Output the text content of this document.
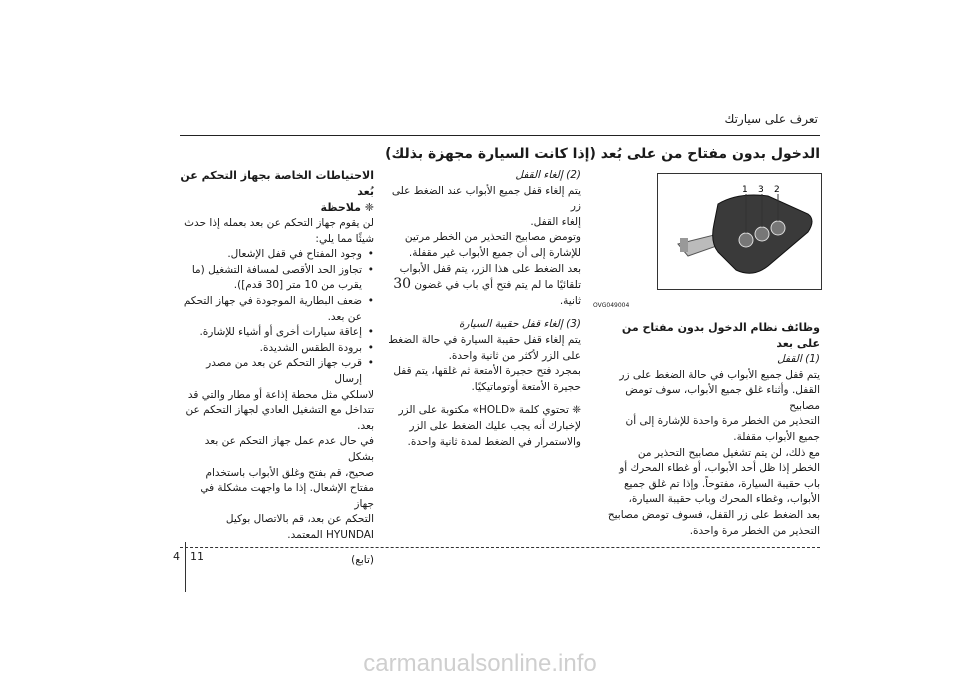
تعرف على سيارتك
الدخول بدون مفتاح من على بُعد (إذا كانت السيارة مجهزة بذلك)
1 3 2
OVG049004

وظائف نظام الدخول بدون مفتاح من

على بعد

(1) القفل

يتم قفل جميع الأبواب في حالة الضغط على زر

القفل. وأثناء غلق جميع الأبواب، سوف تومض مصابيح

التحذير من الخطر مرة واحدة للإشارة إلى أن

جميع الأبواب مقفلة.

مع ذلك، لن يتم تشغيل مصابيح التحذير من

الخطر إذا ظل أحد الأبواب، أو غطاء المحرك أو

باب حقيبة السيارة، مفتوحاً. وإذا تم غلق جميع

الأبواب، وغطاء المحرك وباب حقيبة السيارة،

بعد الضغط على زر القفل، فسوف تومض مصابيح

التحذير من الخطر مرة واحدة.

(2) إلغاء القفل

يتم إلغاء قفل جميع الأبواب عند الضغط على زر

إلغاء القفل.

وتومض مصابيح التحذير من الخطر مرتين

للإشارة إلى أن جميع الأبواب غير مقفلة.

بعد الضغط على هذا الزر، يتم قفل الأبواب

تلقائيًا ما لم يتم فتح أي باب في غضون 30

ثانية.

(3) إلغاء قفل حقيبة السيارة

يتم إلغاء قفل حقيبة السيارة في حالة الضغط

على الزر لأكثر من ثانية واحدة.

بمجرد فتح حجيرة الأمتعة ثم غلقها، يتم قفل

حجيرة الأمتعة أوتوماتيكيًا.

❈ تحتوي كلمة «HOLD» مكتوبة على الزر

لإخبارك أنه يجب عليك الضغط على الزر

والاستمرار في الضغط لمدة ثانية واحدة.

الاحتياطات الخاصة بجهاز التحكم عن بُعد

❈ ملاحظة

لن يقوم جهاز التحكم عن بعد بعمله إذا حدث

شيئًا مما يلي:

• وجود المفتاح في قفل الإشعال.

• تجاوز الحد الأقصى لمسافة التشغيل (ما

يقرب من 10 متر [30 قدم]).

• ضعف البطارية الموجودة في جهاز التحكم عن بعد.

• إعاقة سيارات أخرى أو أشياء للإشارة.

• برودة الطقس الشديدة.

• قرب جهاز التحكم عن بعد من مصدر إرسال

لاسلكي مثل محطة إذاعة أو مطار والتي قد

تتداخل مع التشغيل العادي لجهاز التحكم عن بعد.

في حال عدم عمل جهاز التحكم عن بعد بشكل

صحيح، قم بفتح وغلق الأبواب باستخدام

مفتاح الإشعال. إذا ما واجهت مشكلة في جهاز

التحكم عن بعد، قم بالاتصال بوكيل

HYUNDAI المعتمد.

(تابع)

4 11
carmanualsonline.info
